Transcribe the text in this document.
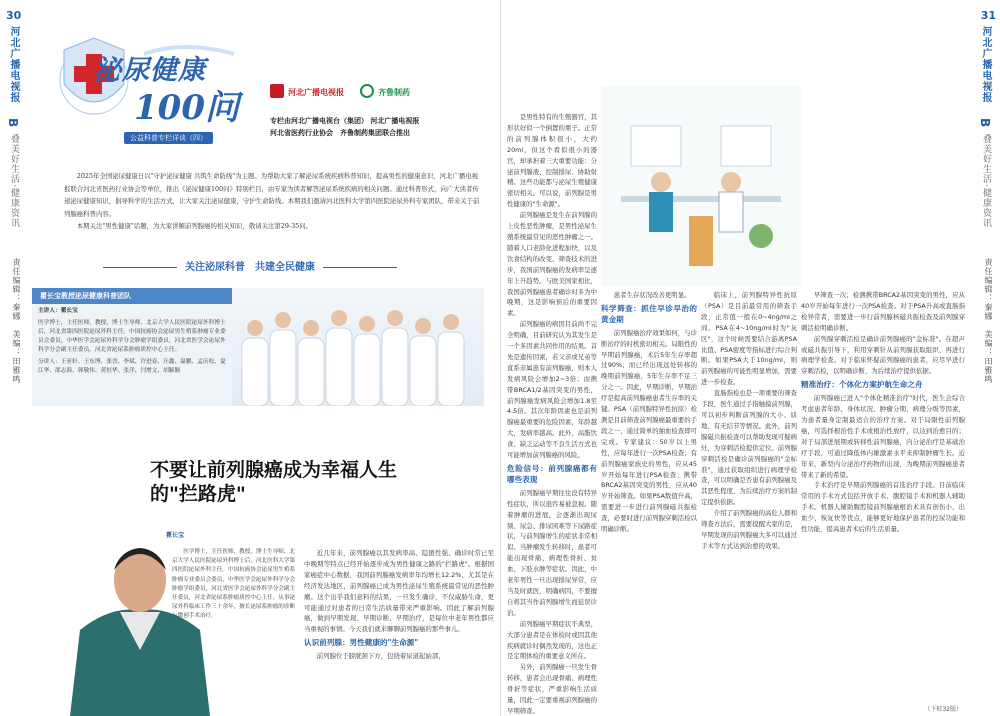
30
河北广播电视报
B
叠美好生活·健康资讯
责任编辑：秦娜　美编：田雅鸣
泌尿健康
100问
公益科普专栏详谈（四）
河北广播电视报	齐鲁制药
专栏由河北广播电视台（集团） 河北广播电视报
河北省医药行业协会　齐鲁制药集团联合推出

2025年全国泌尿健康日以"守护泌尿健康 共筑生命防线"为主题。为帮助大家了解泌尿系统疾病科普知识，提高男性的健康意识，河北广播电视报联合河北省医药行业协会等单位，推出《泌尿健康100问》特别栏目，由专家为读者解答泌尿系统疾病的相关问题。通过科普形式，向广大读者传递泌尿健康知识，倡导科学的生活方式，让大家关注泌尿健康，守护生命防线。本期我们邀请河北医科大学第四医院泌尿外科专家团队，带来关于前列腺癌科普内容。

本期关注"男性健康"话题，为大家讲解前列腺癌的相关知识，敬请关注第29-35问。

关注泌尿科普　共建全民健康
瞿长宝教授泌尿健康科普团队
主讲人：瞿长宝
医学博士，主任医师，教授，博士生导师，北京大学人民医院泌尿外科博士后，河北省第四医院泌尿外科主任。中国抗癌协会泌尿男生殖系肿瘤专业委员会委员，中华医学会泌尿外科学分会肿瘤学组委员，河北省医学会泌尿外科学分会副主任委员，河北省泌尿系肿瘤质控中心主任。
分讲人：王亚轩、王东博、张晋、李斌、许进春、汪鑫、温鹏、孟庆松、夏江华、邵志海、韩敬伟、黄恒华、张洋、闫增文、胡颖颖
不要让前列腺癌成为幸福人生
的"拦路虎"
瞿长宝
医学博士，主任医师，教授，博士生导师，北京大学人民医院泌尿外科博士后，河北医科大学第四医院泌尿外科主任。中国抗癌协会泌尿男生殖系肿瘤专业委员会委员，中华医学会泌尿外科学分会肿瘤学组委员，河北省医学会泌尿外科学分会副主任委员，河北省泌尿系肿瘤质控中心主任。从事泌尿外科临床工作三十余年，擅长泌尿系肿瘤的诊断与微创手术治疗。

近几年来，前列腺癌以其发病率高、隐匿性强、确诊时常已至中晚期等特点已经开始逐步成为男性健康之路的"拦路虎"。根据国家癌症中心数据，我国前列腺癌发病率年均增长12.2%，尤其是在经济发达地区，前列腺癌已成为男性泌尿生殖系统最常见的恶性肿瘤。这个出乎我们意料的结果，一旦发生确诊，不仅威胁生命，更可能通过对患者的日常生活质量带来严重影响。因此了解前列腺癌，做到早期发现、早期诊断、早期治疗，是每位中老年男性都应当重视的事情。今天我们就来聊聊前列腺癌的那些事儿。

认识前列腺：男性健康的"生命源"

前列腺位于膀胱颈下方，包绕着尿道起始部，

31
河北广播电视报
B
叠美好生活·健康资讯
责任编辑：秦娜　美编：田雅鸣

是男性特有的生殖器官，其形状好似一个倒置的栗子。正常的前列腺体积很小，大约20ml，但这个看似很小的器官，却承担着三大重要功能：分泌前列腺液、控制排尿、协助射精。这些功能都与泌尿生殖健康密切相关。可以说，前列腺是男性健康的"生命源"。

前列腺癌是发生在前列腺的上皮性恶性肿瘤，是男性泌尿生殖系统最常见的恶性肿瘤之一。随着人口老龄化进程加快，以及饮食结构的改变、筛查技术的进步，我国前列腺癌的发病率呈逐年上升趋势。与欧美国家相比，我国前列腺癌患者确诊时多为中晚期，这是影响预后的重要因素。

前列腺癌的病因目前尚不完全明确，目前研究认为其发生是一个多因素共同作用的结果。首先是遗传因素，若父亲或兄弟等直系亲属患有前列腺癌，则本人发病风险会增加2~3倍；而携带BRCA1/2基因突变的男性，前列腺癌发病风险会增加1.8至4.5倍。其次年龄因素也是前列腺癌最重要的危险因素，年龄越大，发病率越高。此外，高脂饮食、缺乏运动等不良生活方式也可能增加前列腺癌的风险。

危险信号：前列腺癌都有哪些表现

前列腺癌早期往往没有特异性症状，所以很容易被忽视。随着肿瘤的进展，会逐渐出现尿频、尿急、排尿困难等下尿路症状，与前列腺增生的症状非常相似。当肿瘤发生转移时，患者可能出现骨痛、病理性骨折、贫血、下肢水肿等症状。因此，中老年男性一旦出现排尿异常，应当及时就医，明确病因，不要擅自将其当作前列腺增生而延误诊治。

前列腺癌早期症状不典型，大部分患者是在体检时或因其他疾病就诊时偶然发现的，这也正是定期体检的重要意义所在。

另外，前列腺癌一旦发生骨转移，患者会出现骨痛、病理性骨折等症状，严重影响生活质量，因此一定要重视前列腺癌的早期筛查。

患者生存状况改善更明显。

科学筛查：抓住早诊早治的黄金期

前列腺癌治疗效果如何，与诊断治疗的时机密切相关。局限性的早期前列腺癌，术后5年生存率超过90%；而已经出现远处转移的晚期前列腺癌，5年生存率不足三分之一。因此，早期诊断、早期治疗是提高前列腺癌患者生存率的关键。PSA（前列腺特异性抗原）检测是目前筛查前列腺癌最重要的手段之一，通过简单的抽血检查即可完成。专家建议：50岁以上男性，应每年进行一次PSA检查；有前列腺癌家族史的男性，应从45岁开始每年进行PSA检查；携带BRCA2基因突变的男性，应从40岁开始筛查。如果PSA数值升高，需要进一步进行前列腺磁共振检查，必要时进行前列腺穿刺活检以明确诊断。

临床上，前列腺特异性抗原（PSA）是目前最常用的筛查手段，正常值一般在0~4ng/ml之间。PSA在4~10ng/ml时为"灰区"，这个时候需要结合游离PSA比值、PSA密度等指标进行综合判断。如果PSA大于10ng/ml，则前列腺癌的可能性明显增加，需要进一步检查。

直肠指检也是一项重要的筛查手段，医生通过手指触摸前列腺，可以初步判断前列腺的大小、质地、有无结节等情况。此外，前列腺磁共振检查可以帮助发现可疑病灶，为穿刺活检提供定位。前列腺穿刺活检是确诊前列腺癌的"金标准"，通过获取组织进行病理学检查，可以明确是否患有前列腺癌及其恶性程度，为后续治疗方案的制定提供依据。

介绍了前列腺癌的高危人群和筛查方法后，需要提醒大家的是，早期发现的前列腺癌大多可以通过手术等方式达到治愈的效果。

早筛查一次；检测携带BRCA2基因突变的男性，应从40岁开始每年进行一次PSA检查。对于PSA升高或直肠指检异常者，需要进一步行前列腺核磁共振检查及前列腺穿刺活检明确诊断。

前列腺穿刺活检是确诊前列腺癌的"金标准"。在超声或磁共振引导下，利用穿刺针从前列腺获取组织，再进行病理学检查。对于临床怀疑前列腺癌的患者，应尽早进行穿刺活检，以明确诊断，为后续治疗提供依据。

精准治疗：个体化方案护航生命之舟

前列腺癌已进入"个体化精准治疗"时代，医生会综合考虑患者年龄、身体状况、肿瘤分期、病理分级等因素，为患者量身定制最适合的治疗方案。对于局限性前列腺癌，可选择根治性手术或根治性放疗，以达到治愈目的；对于局部进展期或转移性前列腺癌，内分泌治疗是基础治疗手段，可通过降低体内雄激素水平来抑制肿瘤生长。近年来，新型内分泌治疗药物的出现，为晚期前列腺癌患者带来了新的希望。

手术治疗是早期前列腺癌的首选治疗手段。目前临床常用的手术方式包括开放手术、腹腔镜手术和机器人辅助手术。机器人辅助腹腔镜前列腺癌根治术具有创伤小、出血少、恢复快等优点，能够更好地保护患者的控尿功能和性功能，提高患者术后的生活质量。

（下转32版）
